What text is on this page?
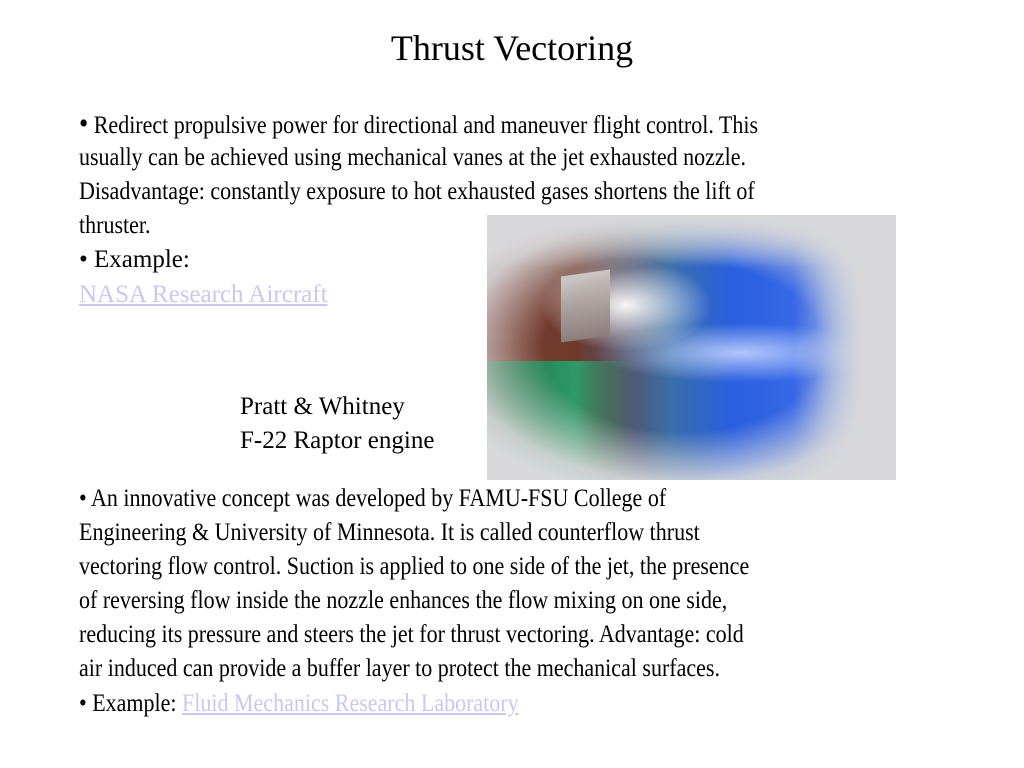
Thrust Vectoring
• Redirect propulsive power for directional and maneuver flight control. This
usually can be achieved using mechanical vanes at the jet exhausted nozzle.
Disadvantage: constantly exposure to hot exhausted gases shortens the lift of
thruster.
• Example:
NASA Research Aircraft
Pratt & Whitney
F-22 Raptor engine
• An innovative concept was developed by FAMU-FSU College of
Engineering & University of Minnesota. It is called counterflow thrust
vectoring flow control. Suction is applied to one side of the jet, the presence
of reversing flow inside the nozzle enhances the flow mixing on one side,
reducing its pressure and steers the jet for thrust vectoring. Advantage: cold
air induced can provide a buffer layer to protect the mechanical surfaces.
• Example: Fluid Mechanics Research Laboratory
